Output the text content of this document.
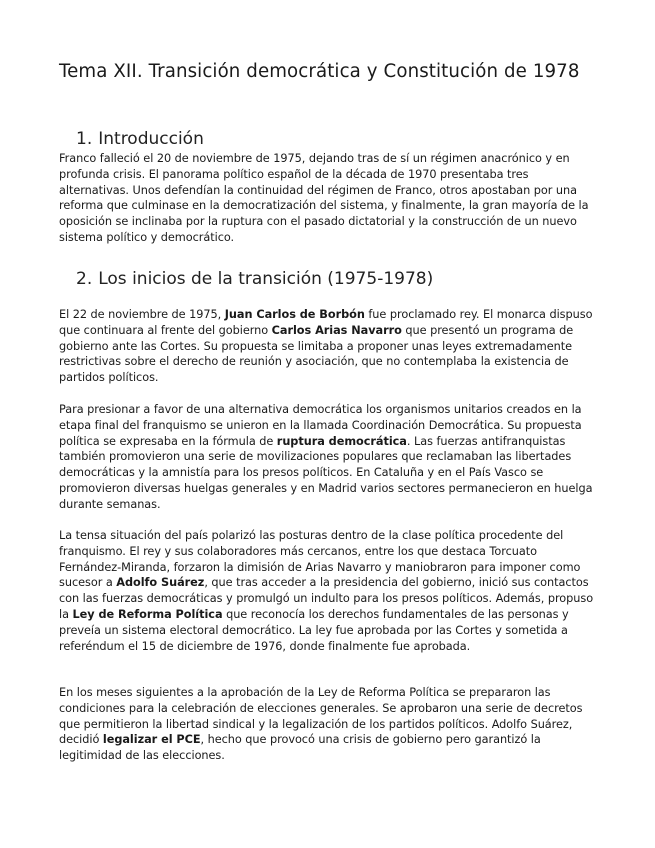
Tema XII. Transición democrática y Constitución de 1978
1. Introducción

Franco falleció el 20 de noviembre de 1975, dejando tras de sí un régimen anacrónico y en profunda crisis. El panorama político español de la década de 1970 presentaba tres alternativas. Unos defendían la continuidad del régimen de Franco, otros apostaban por una reforma que culminase en la democratización del sistema, y finalmente, la gran mayoría de la oposición se inclinaba por la ruptura con el pasado dictatorial y la construcción de un nuevo sistema político y democrático.

2. Los inicios de la transición (1975-1978)

El 22 de noviembre de 1975, Juan Carlos de Borbón fue proclamado rey. El monarca dispuso que continuara al frente del gobierno Carlos Arias Navarro que presentó un programa de gobierno ante las Cortes. Su propuesta se limitaba a proponer unas leyes extremadamente restrictivas sobre el derecho de reunión y asociación, que no contemplaba la existencia de partidos políticos.

Para presionar a favor de una alternativa democrática los organismos unitarios creados en la etapa final del franquismo se unieron en la llamada Coordinación Democrática. Su propuesta política se expresaba en la fórmula de ruptura democrática. Las fuerzas antifranquistas también promovieron una serie de movilizaciones populares que reclamaban las libertades democráticas y la amnistía para los presos políticos. En Cataluña y en el País Vasco se promovieron diversas huelgas generales y en Madrid varios sectores permanecieron en huelga durante semanas.

La tensa situación del país polarizó las posturas dentro de la clase política procedente del franquismo. El rey y sus colaboradores más cercanos, entre los que destaca Torcuato Fernández-Miranda, forzaron la dimisión de Arias Navarro y maniobraron para imponer como sucesor a Adolfo Suárez, que tras acceder a la presidencia del gobierno, inició sus contactos con las fuerzas democráticas y promulgó un indulto para los presos políticos. Además, propuso la Ley de Reforma Política que reconocía los derechos fundamentales de las personas y preveía un sistema electoral democrático. La ley fue aprobada por las Cortes y sometida a referéndum el 15 de diciembre de 1976, donde finalmente fue aprobada.

En los meses siguientes a la aprobación de la Ley de Reforma Política se prepararon las condiciones para la celebración de elecciones generales. Se aprobaron una serie de decretos que permitieron la libertad sindical y la legalización de los partidos políticos. Adolfo Suárez, decidió legalizar el PCE, hecho que provocó una crisis de gobierno pero garantizó la legitimidad de las elecciones.
